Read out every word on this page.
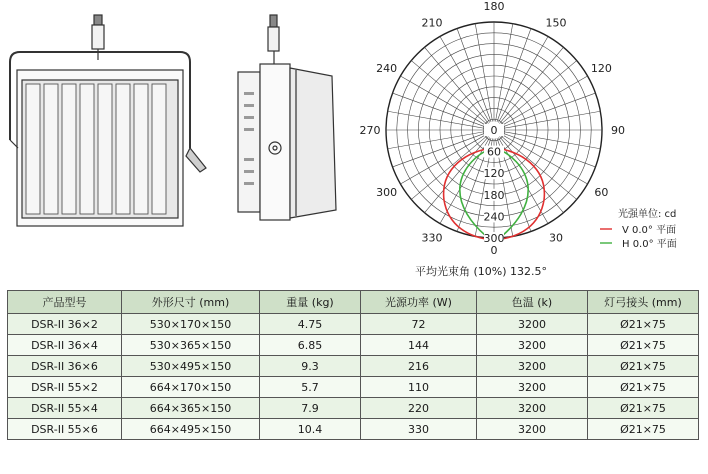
180
150
120
90
60
30
330
300
270
240
210
0
0
60
120
180
240
300
光强单位: cd
V 0.0° 平面
H 0.0° 平面
平均光束角 (10%) 132.5°
产品型号	外形尺寸 (mm)	重量 (kg)	光源功率 (W)	色温 (k)	灯弓接头 (mm)
DSR-II 36×2	530×170×150	4.75	72	3200	Ø21×75
DSR-II 36×4	530×365×150	6.85	144	3200	Ø21×75
DSR-II 36×6	530×495×150	9.3	216	3200	Ø21×75
DSR-II 55×2	664×170×150	5.7	110	3200	Ø21×75
DSR-II 55×4	664×365×150	7.9	220	3200	Ø21×75
DSR-II 55×6	664×495×150	10.4	330	3200	Ø21×75
